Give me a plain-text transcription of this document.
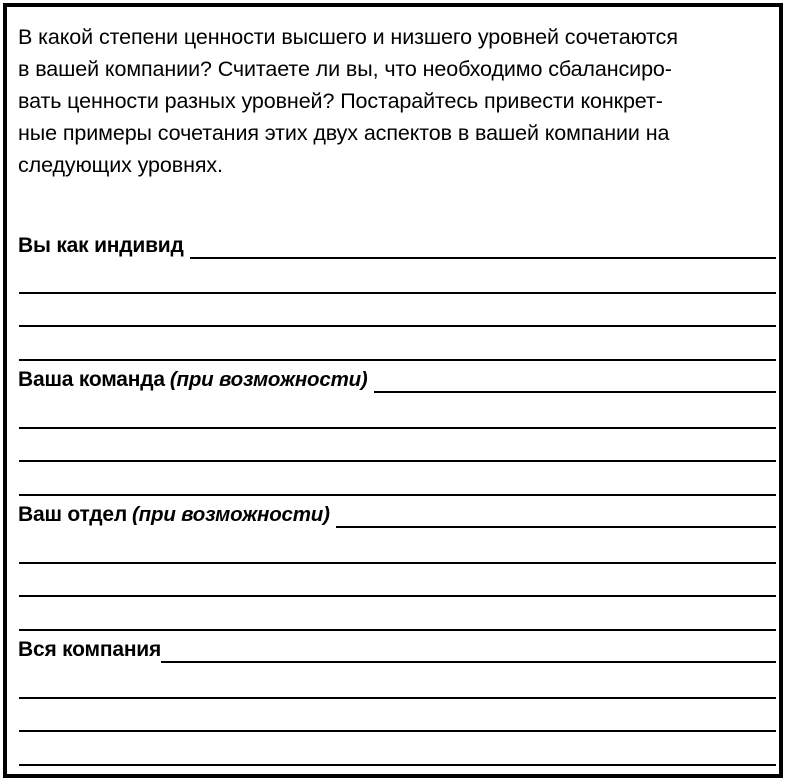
В какой степени ценности высшего и низшего уровней сочетаются
в вашей компании? Считаете ли вы, что необходимо сбалансиро-
вать ценности разных уровней? Постарайтесь привести конкрет-
ные примеры сочетания этих двух аспектов в вашей компании на
следующих уровнях.
Вы как индивид
Ваша команда (при возможности)
Ваш отдел (при возможности)
Вся компания
